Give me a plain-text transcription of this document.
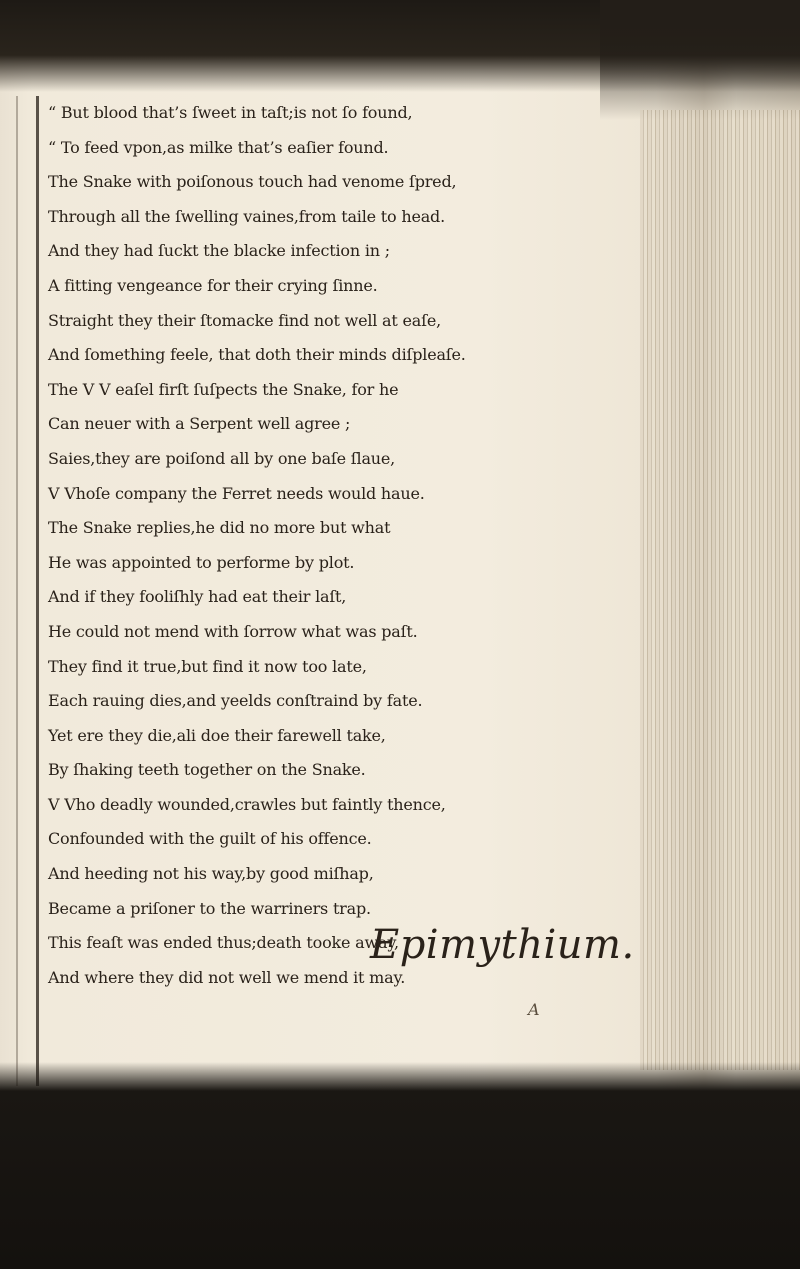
“ But blood that’s ſweet in taſt;is not ſo found,

“ To feed vpon,as milke that’s eaſier found.

The Snake with poiſonous touch had venome ſpred,

Through all the ſwelling vaines,from taile to head.

And they had ſuckt the blacke infection in ;

A fitting vengeance for their crying ſinne.

Straight they their ſtomacke find not well at eaſe,

And ſomething feele, that doth their minds diſpleaſe.

The V V eaſel firſt ſuſpects the Snake, for he

Can neuer with a Serpent well agree ;

Saies,they are poiſond all by one baſe ſlaue,

V Vhoſe company the Ferret needs would haue.

The Snake replies,he did no more but what

He was appointed to performe by plot.

And if they fooliſhly had eat their laſt,

He could not mend with ſorrow what was paſt.

They find it true,but find it now too late,

Each rauing dies,and yeelds conſtraind by fate.

Yet ere they die,ali doe their farewell take,

By ſhaking teeth together on the Snake.

V Vho deadly wounded,crawles but faintly thence,

Confounded with the guilt of his offence.

And heeding not his way,by good miſhap,

Became a priſoner to the warriners trap.

This feaſt was ended thus;death tooke away,

And where they did not well we mend it may.

Epimythium.
A
